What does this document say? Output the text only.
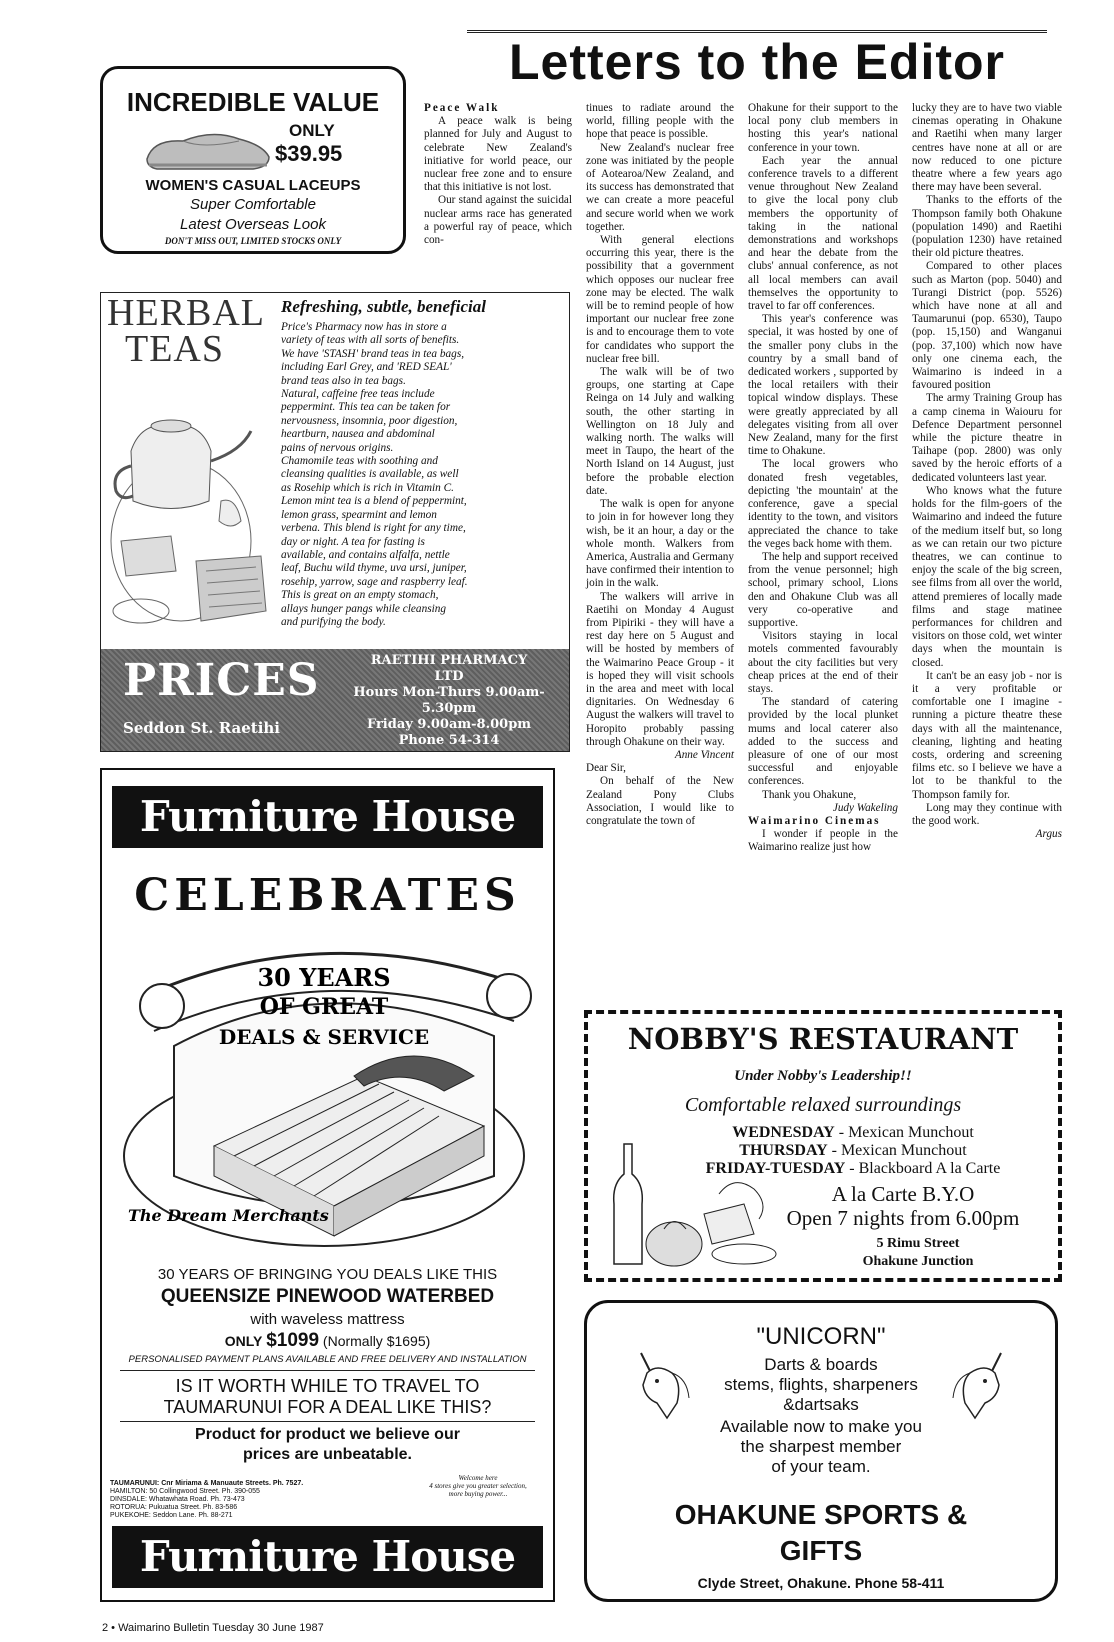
Letters to the Editor
INCREDIBLE VALUE
ONLY
$39.95
WOMEN'S CASUAL LACEUPS
Super Comfortable
Latest Overseas Look
DON'T MISS OUT, LIMITED STOCKS ONLY
HERBAL
TEAS
Refreshing, subtle, beneficial
Price's Pharmacy now has in store a
variety of teas with all sorts of benefits.
We have 'STASH' brand teas in tea bags,
including Earl Grey, and 'RED SEAL'
brand teas also in tea bags.
Natural, caffeine free teas include
peppermint. This tea can be taken for
nervousness, insomnia, poor digestion,
heartburn, nausea and abdominal
pains of nervous origins.
Chamomile teas with soothing and
cleansing qualities is available, as well
as Rosehip which is rich in Vitamin C.
Lemon mint tea is a blend of peppermint,
lemon grass, spearmint and lemon
verbena. This blend is right for any time,
day or night. A tea for fasting is
available, and contains alfalfa, nettle
leaf, Buchu wild thyme, uva ursi, juniper,
rosehip, yarrow, sage and raspberry leaf.
This is great on an empty stomach,
allays hunger pangs while cleansing
and purifying the body.
PRICES
Seddon St. Raetihi
RAETIHI PHARMACY
LTD
Hours Mon-Thurs 9.00am-
5.30pm
Friday 9.00am-8.00pm
Phone 54-314
Furniture House
CELEBRATES
30 YEARS
OF GREAT
DEALS & SERVICE
The Dream Merchants
30 YEARS OF BRINGING YOU DEALS LIKE THIS
QUEENSIZE PINEWOOD WATERBED
with waveless mattress
ONLY $1099 (Normally $1695)
PERSONALISED PAYMENT PLANS AVAILABLE AND FREE DELIVERY AND INSTALLATION
IS IT WORTH WHILE TO TRAVEL TO
TAUMARUNUI FOR A DEAL LIKE THIS?
Product for product we believe our
prices are unbeatable.
TAUMARUNUI: Cnr Miriama & Manuaute Streets. Ph. 7527.
HAMILTON: 50 Collingwood Street. Ph. 390-055
DINSDALE: Whatawhata Road. Ph. 73-473
ROTORUA: Pukuatua Street. Ph. 83-586
PUKEKOHE: Seddon Lane. Ph. 88-271
Welcome here
4 stores give you greater selection,
more buying power...
Furniture House

Peace Walk

A peace walk is being planned for July and August to celebrate New Zealand's initiative for world peace, our nuclear free zone and to ensure that this initiative is not lost.

Our stand against the suicidal nuclear arms race has generated a powerful ray of peace, which con-

tinues to radiate around the world, filling people with the hope that peace is possible.

New Zealand's nuclear free zone was initiated by the people of Aotearoa/New Zealand, and its success has demonstrated that we can create a more peaceful and secure world when we work together.

With general elections occurring this year, there is the possibility that a government which opposes our nuclear free zone may be elected. The walk will be to remind people of how important our nuclear free zone is and to encourage them to vote for candidates who support the nuclear free bill.

The walk will be of two groups, one starting at Cape Reinga on 14 July and walking south, the other starting in Wellington on 18 July and walking north. The walks will meet in Taupo, the heart of the North Island on 14 August, just before the probable election date.

The walk is open for anyone to join in for however long they wish, be it an hour, a day or the whole month. Walkers from America, Australia and Germany have confirmed their intention to join in the walk.

The walkers will arrive in Raetihi on Monday 4 August from Pipiriki - they will have a rest day here on 5 August and will be hosted by members of the Waimarino Peace Group - it is hoped they will visit schools in the area and meet with local dignitaries. On Wednesday 6 August the walkers will travel to Horopito probably passing through Ohakune on their way.

Anne Vincent

Dear Sir,

On behalf of the New Zealand Pony Clubs Association, I would like to congratulate the town of

Ohakune for their support to the local pony club members in hosting this year's national conference in your town.

Each year the annual conference travels to a different venue throughout New Zealand to give the local pony club members the opportunity of taking in the national demonstrations and workshops and hear the debate from the clubs' annual conference, as not all local members can avail themselves the opportunity to travel to far off conferences.

This year's conference was special, it was hosted by one of the smaller pony clubs in the country by a small band of dedicated workers , supported by the local retailers with their topical window displays. These were greatly appreciated by all delegates visiting from all over New Zealand, many for the first time to Ohakune.

The local growers who donated fresh vegetables, depicting 'the mountain' at the conference, gave a special identity to the town, and visitors appreciated the chance to take the veges back home with them.

The help and support received from the venue personnel; high school, primary school, Lions den and Ohakune Club was all very co-operative and supportive.

Visitors staying in local motels commented favourably about the city facilities but very cheap prices at the end of their stays.

The standard of catering provided by the local plunket mums and local caterer also added to the success and pleasure of one of our most successful and enjoyable conferences.

Thank you Ohakune,

Judy Wakeling

Waimarino Cinemas

I wonder if people in the Waimarino realize just how

lucky they are to have two viable cinemas operating in Ohakune and Raetihi when many larger centres have none at all or are now reduced to one picture theatre where a few years ago there may have been several.

Thanks to the efforts of the Thompson family both Ohakune (population 1490) and Raetihi (population 1230) have retained their old picture theatres.

Compared to other places such as Marton (pop. 5040) and Turangi District (pop. 5526) which have none at all and Taumarunui (pop. 6530), Taupo (pop. 15,150) and Wanganui (pop. 37,100) which now have only one cinema each, the Waimarino is indeed in a favoured position

The army Training Group has a camp cinema in Waiouru for Defence Department personnel while the picture theatre in Taihape (pop. 2800) was only saved by the heroic efforts of a dedicated volunteers last year.

Who knows what the future holds for the film-goers of the Waimarino and indeed the future of the medium itself but, so long as we can retain our two picture theatres, we can continue to enjoy the scale of the big screen, see films from all over the world, attend premieres of locally made films and stage matinee performances for children and visitors on those cold, wet winter days when the mountain is closed.

It can't be an easy job - nor is it a very profitable or comfortable one I imagine - running a picture theatre these days with all the maintenance, cleaning, lighting and heating costs, ordering and screening films etc. so I believe we have a lot to be thankful to the Thompson family for.

Long may they continue with the good work.

Argus

NOBBY'S RESTAURANT
Under Nobby's Leadership!!
Comfortable relaxed surroundings
WEDNESDAY - Mexican Munchout
THURSDAY - Mexican Munchout
FRIDAY-TUESDAY - Blackboard A la Carte
A la Carte B.Y.O
Open 7 nights from 6.00pm
5 Rimu Street
Ohakune Junction
"UNICORN"
Darts & boards
stems, flights, sharpeners
&dartsaks
Available now to make you
the sharpest member
of your team.
OHAKUNE SPORTS &
GIFTS
Clyde Street, Ohakune. Phone 58-411
2 • Waimarino Bulletin Tuesday 30 June 1987
